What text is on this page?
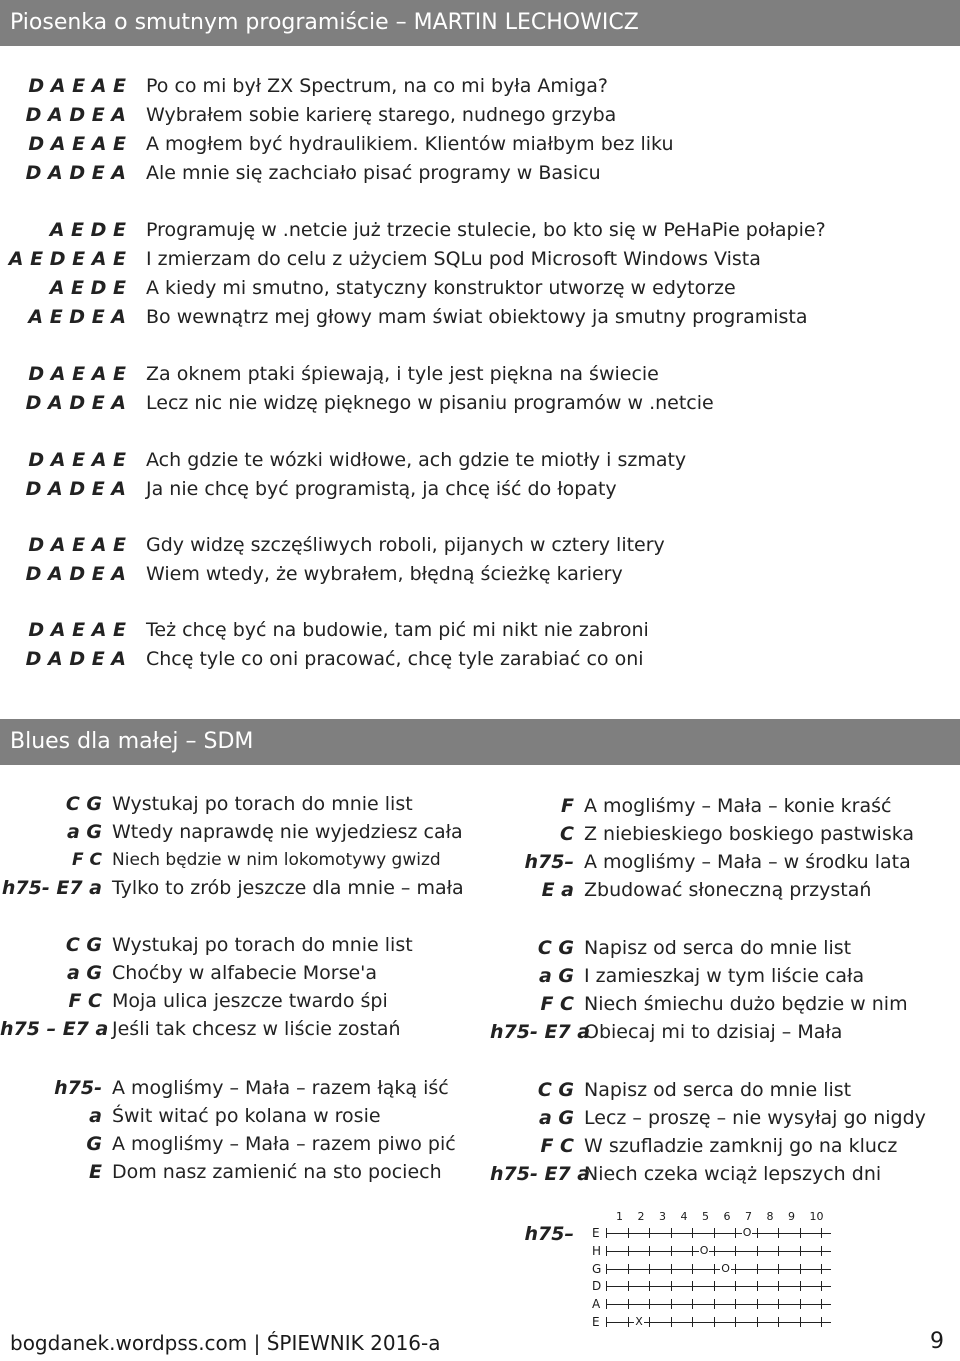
Piosenka o smutnym programiście – MARTIN LECHOWICZ
D A E A E Po co mi był ZX Spectrum, na co mi była Amiga?
D A D E A Wybrałem sobie karierę starego, nudnego grzyba
D A E A E A mogłem być hydraulikiem. Klientów miałbym bez liku
D A D E A Ale mnie się zachciało pisać programy w Basicu
A E D E Programuję w .netcie już trzecie stulecie, bo kto się w PeHaPie połapie?
A E D E A E I zmierzam do celu z użyciem SQLu pod Microsoft Windows Vista
A E D E A kiedy mi smutno, statyczny konstruktor utworzę w edytorze
A E D E A Bo wewnątrz mej głowy mam świat obiektowy ja smutny programista
D A E A E Za oknem ptaki śpiewają, i tyle jest piękna na świecie
D A D E A Lecz nic nie widzę pięknego w pisaniu programów w .netcie
D A E A E Ach gdzie te wózki widłowe, ach gdzie te miotły i szmaty
D A D E A Ja nie chcę być programistą, ja chcę iść do łopaty
D A E A E Gdy widzę szczęśliwych roboli, pijanych w cztery litery
D A D E A Wiem wtedy, że wybrałem, błędną ścieżkę kariery
D A E A E Też chcę być na budowie, tam pić mi nikt nie zabroni
D A D E A Chcę tyle co oni pracować, chcę tyle zarabiać co oni
Blues dla małej – SDM
C G Wystukaj po torach do mnie list
a G Wtedy naprawdę nie wyjedziesz cała
F C Niech będzie w nim lokomotywy gwizd
h75- E7 a Tylko to zrób jeszcze dla mnie – mała
C G Wystukaj po torach do mnie list
a G Choćby w alfabecie Morse'a
F C Moja ulica jeszcze twardo śpi
h75 – E7 a Jeśli tak chcesz w liście zostań
h75- A mogliśmy – Mała – razem łąką iść
a Świt witać po kolana w rosie
G A mogliśmy – Mała – razem piwo pić
E Dom nasz zamienić na sto pociech
F A mogliśmy – Mała – konie kraść
C Z niebieskiego boskiego pastwiska
h75– A mogliśmy – Mała – w środku lata
E a Zbudować słoneczną przystań
C G Napisz od serca do mnie list
a G I zamieszkaj w tym liście cała
F C Niech śmiechu dużo będzie w nim
h75- E7 a
Obiecaj mi to dzisiaj – Mała
C G Napisz od serca do mnie list
a G Lecz – proszę – nie wysyłaj go nigdy
F C W szufladzie zamknij go na klucz
h75- E7 a
Niech czeka wciąż lepszych dni
h75–
1 2 3 4 5 6 7 8 9 10
E
H
G
D
A
E
O
O
O
X
bogdanek.wordpss.com | ŚPIEWNIK 2016-a	9
